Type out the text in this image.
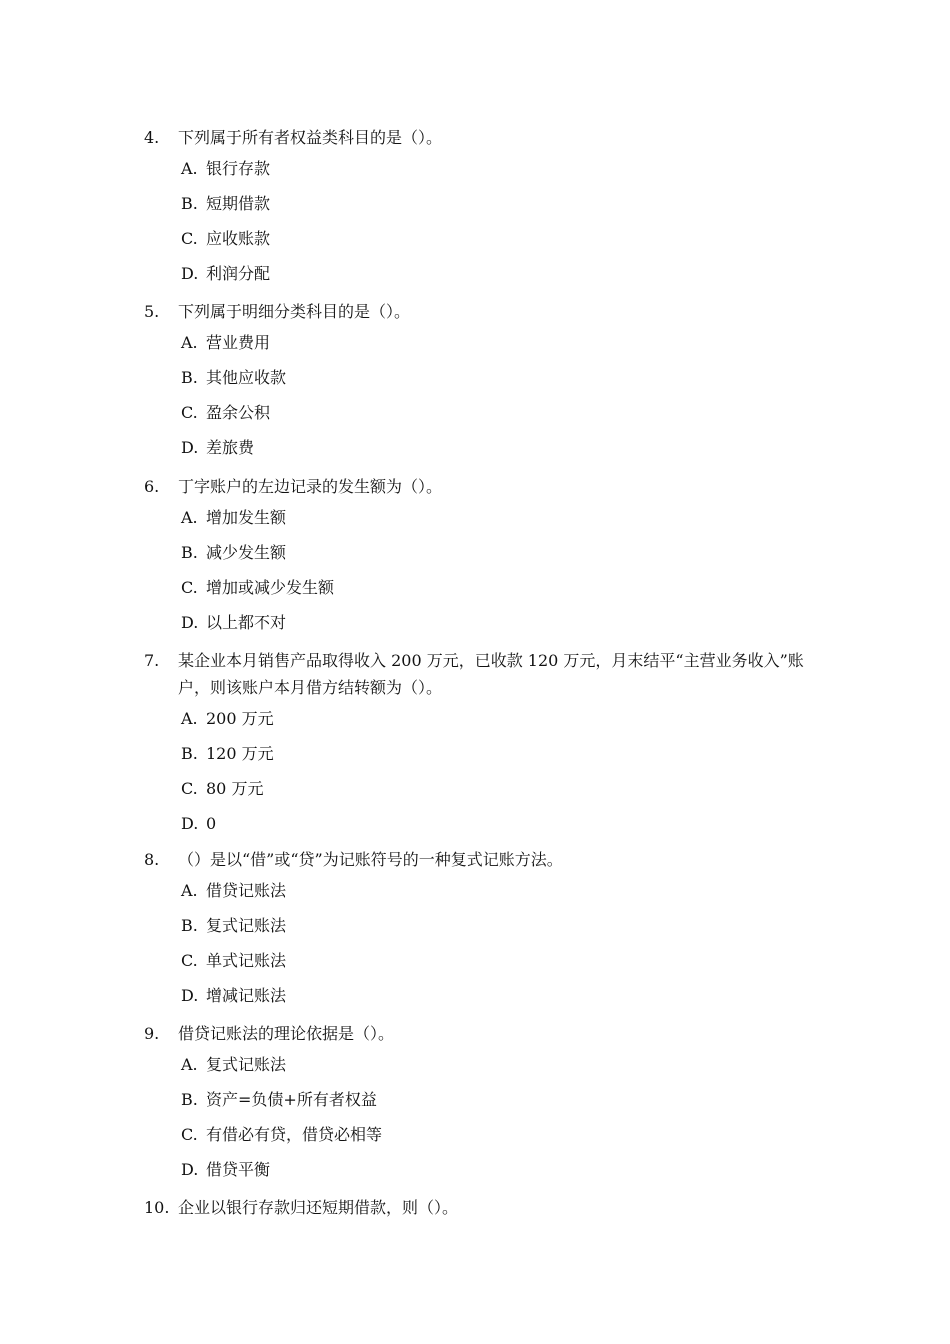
4. 下列属于所有者权益类科目的是（）。
A. 银行存款
B. 短期借款
C. 应收账款
D. 利润分配
5. 下列属于明细分类科目的是（）。
A. 营业费用
B. 其他应收款
C. 盈余公积
D. 差旅费
6. 丁字账户的左边记录的发生额为（）。
A. 增加发生额
B. 减少发生额
C. 增加或减少发生额
D. 以上都不对
7. 某企业本月销售产品取得收入 200 万元，已收款 120 万元，月末结平“主营业务收入”账户，则该账户本月借方结转额为（）。
A. 200 万元
B. 120 万元
C. 80 万元
D. 0
8. （）是以“借”或“贷”为记账符号的一种复式记账方法。
A. 借贷记账法
B. 复式记账法
C. 单式记账法
D. 增减记账法
9. 借贷记账法的理论依据是（）。
A. 复式记账法
B. 资产=负债+所有者权益
C. 有借必有贷，借贷必相等
D. 借贷平衡
10. 企业以银行存款归还短期借款，则（）。
